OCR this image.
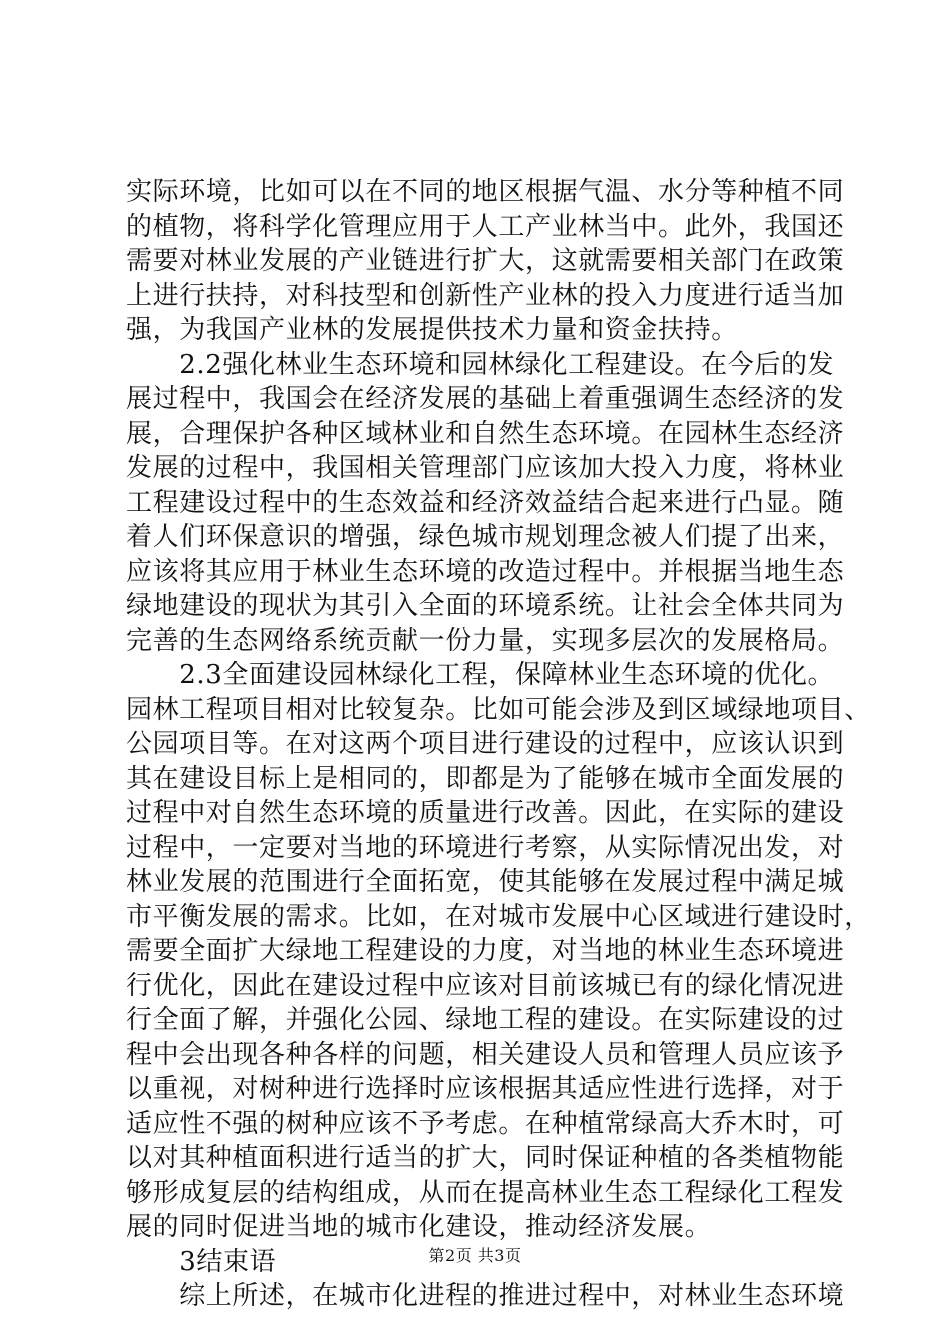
实际环境，比如可以在不同的地区根据气温、水分等种植不同
的植物，将科学化管理应用于人工产业林当中。此外，我国还
需要对林业发展的产业链进行扩大，这就需要相关部门在政策
上进行扶持，对科技型和创新性产业林的投入力度进行适当加
强，为我国产业林的发展提供技术力量和资金扶持。
　　2.2强化林业生态环境和园林绿化工程建设。在今后的发
展过程中，我国会在经济发展的基础上着重强调生态经济的发
展，合理保护各种区域林业和自然生态环境。在园林生态经济
发展的过程中，我国相关管理部门应该加大投入力度，将林业
工程建设过程中的生态效益和经济效益结合起来进行凸显。随
着人们环保意识的增强，绿色城市规划理念被人们提了出来，
应该将其应用于林业生态环境的改造过程中。并根据当地生态
绿地建设的现状为其引入全面的环境系统。让社会全体共同为
完善的生态网络系统贡献一份力量，实现多层次的发展格局。
　　2.3全面建设园林绿化工程，保障林业生态环境的优化。
园林工程项目相对比较复杂。比如可能会涉及到区域绿地项目、
公园项目等。在对这两个项目进行建设的过程中，应该认识到
其在建设目标上是相同的，即都是为了能够在城市全面发展的
过程中对自然生态环境的质量进行改善。因此，在实际的建设
过程中，一定要对当地的环境进行考察，从实际情况出发，对
林业发展的范围进行全面拓宽，使其能够在发展过程中满足城
市平衡发展的需求。比如，在对城市发展中心区域进行建设时，
需要全面扩大绿地工程建设的力度，对当地的林业生态环境进
行优化，因此在建设过程中应该对目前该城已有的绿化情况进
行全面了解，并强化公园、绿地工程的建设。在实际建设的过
程中会出现各种各样的问题，相关建设人员和管理人员应该予
以重视，对树种进行选择时应该根据其适应性进行选择，对于
适应性不强的树种应该不予考虑。在种植常绿高大乔木时，可
以对其种植面积进行适当的扩大，同时保证种植的各类植物能
够形成复层的结构组成，从而在提高林业生态工程绿化工程发
展的同时促进当地的城市化建设，推动经济发展。
　　3结束语
　　综上所述，在城市化进程的推进过程中，对林业生态环境
第2页 共3页
